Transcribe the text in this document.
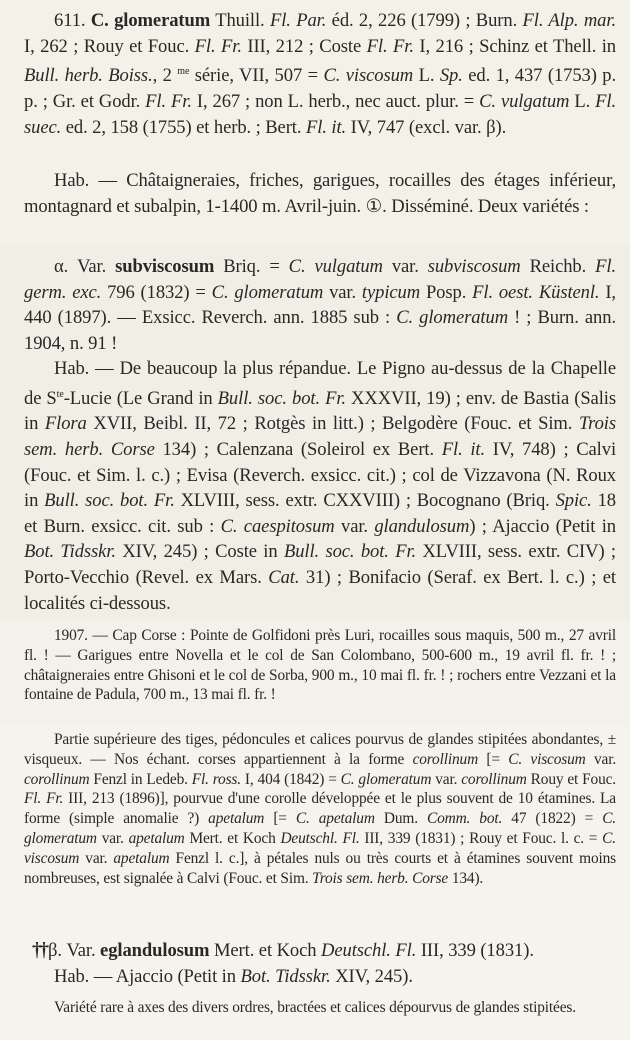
611. C. glomeratum Thuill. Fl. Par. éd. 2, 226 (1799) ; Burn. Fl. Alp. mar. I, 262 ; Rouy et Fouc. Fl. Fr. III, 212 ; Coste Fl. Fr. I, 216 ; Schinz et Thell. in Bull. herb. Boiss., 2 $^{me}$ série, VII, 507 = C. viscosum L. Sp. ed. 1, 437 (1753) p. p. ; Gr. et Godr. Fl. Fr. I, 267 ; non L. herb., nec auct. plur. = C. vulgatum L. Fl. suec. ed. 2, 158 (1755) et herb. ; Bert. Fl. it. IV, 747 (excl. var. β).

Hab. — Châtaigneraies, friches, garigues, rocailles des étages inférieur, montagnard et subalpin, 1-1400 m. Avril-juin. ①. Disséminé. Deux variétés :

α. Var. subviscosum Briq. = C. vulgatum var. subviscosum Reichb. Fl. germ. exc. 796 (1832) = C. glomeratum var. typicum Posp. Fl. oest. Küstenl. I, 440 (1897). — Exsicc. Reverch. ann. 1885 sub : C. glomeratum ! ; Burn. ann. 1904, n. 91 !

Hab. — De beaucoup la plus répandue. Le Pigno au-dessus de la Chapelle de $S^{te}$-Lucie (Le Grand in Bull. soc. bot. Fr. XXXVII, 19) ; env. de Bastia (Salis in Flora XVII, Beibl. II, 72 ; Rotgès in litt.) ; Belgodère (Fouc. et Sim. Trois sem. herb. Corse 134) ; Calenzana (Soleirol ex Bert. Fl. it. IV, 748) ; Calvi (Fouc. et Sim. l. c.) ; Evisa (Reverch. exsicc. cit.) ; col de Vizzavona (N. Roux in Bull. soc. bot. Fr. XLVIII, sess. extr. CXXVIII) ; Bocognano (Briq. Spic. 18 et Burn. exsicc. cit. sub : C. caespitosum var. glandulosum) ; Ajaccio (Petit in Bot. Tidsskr. XIV, 245) ; Coste in Bull. soc. bot. Fr. XLVIII, sess. extr. CIV) ; Porto-Vecchio (Revel. ex Mars. Cat. 31) ; Bonifacio (Seraf. ex Bert. l. c.) ; et localités ci-dessous.

1907. — Cap Corse : Pointe de Golfidoni près Luri, rocailles sous maquis, 500 m., 27 avril fl. ! — Garigues entre Novella et le col de San Colombano, 500-600 m., 19 avril fl. fr. ! ; châtaigneraies entre Ghisoni et le col de Sorba, 900 m., 10 mai fl. fr. ! ; rochers entre Vezzani et la fontaine de Padula, 700 m., 13 mai fl. fr. !

Partie supérieure des tiges, pédoncules et calices pourvus de glandes stipitées abondantes, ± visqueux. — Nos échant. corses appartiennent à la forme corollinum [= C. viscosum var. corollinum Fenzl in Ledeb. Fl. ross. I, 404 (1842) = C. glomeratum var. corollinum Rouy et Fouc. Fl. Fr. III, 213 (1896)], pourvue d'une corolle développée et le plus souvent de 10 étamines. La forme (simple anomalie ?) apetalum [= C. apetalum Dum. Comm. bot. 47 (1822) = C. glomeratum var. apetalum Mert. et Koch Deutschl. Fl. III, 339 (1831) ; Rouy et Fouc. l. c. = C. viscosum var. apetalum Fenzl l. c.], à pétales nuls ou très courts et à étamines souvent moins nombreuses, est signalée à Calvi (Fouc. et Sim. Trois sem. herb. Corse 134).

†† β. Var. eglandulosum Mert. et Koch Deutschl. Fl. III, 339 (1831).

Hab. — Ajaccio (Petit in Bot. Tidsskr. XIV, 245).

Variété rare à axes des divers ordres, bractées et calices dépourvus de glandes stipitées.
